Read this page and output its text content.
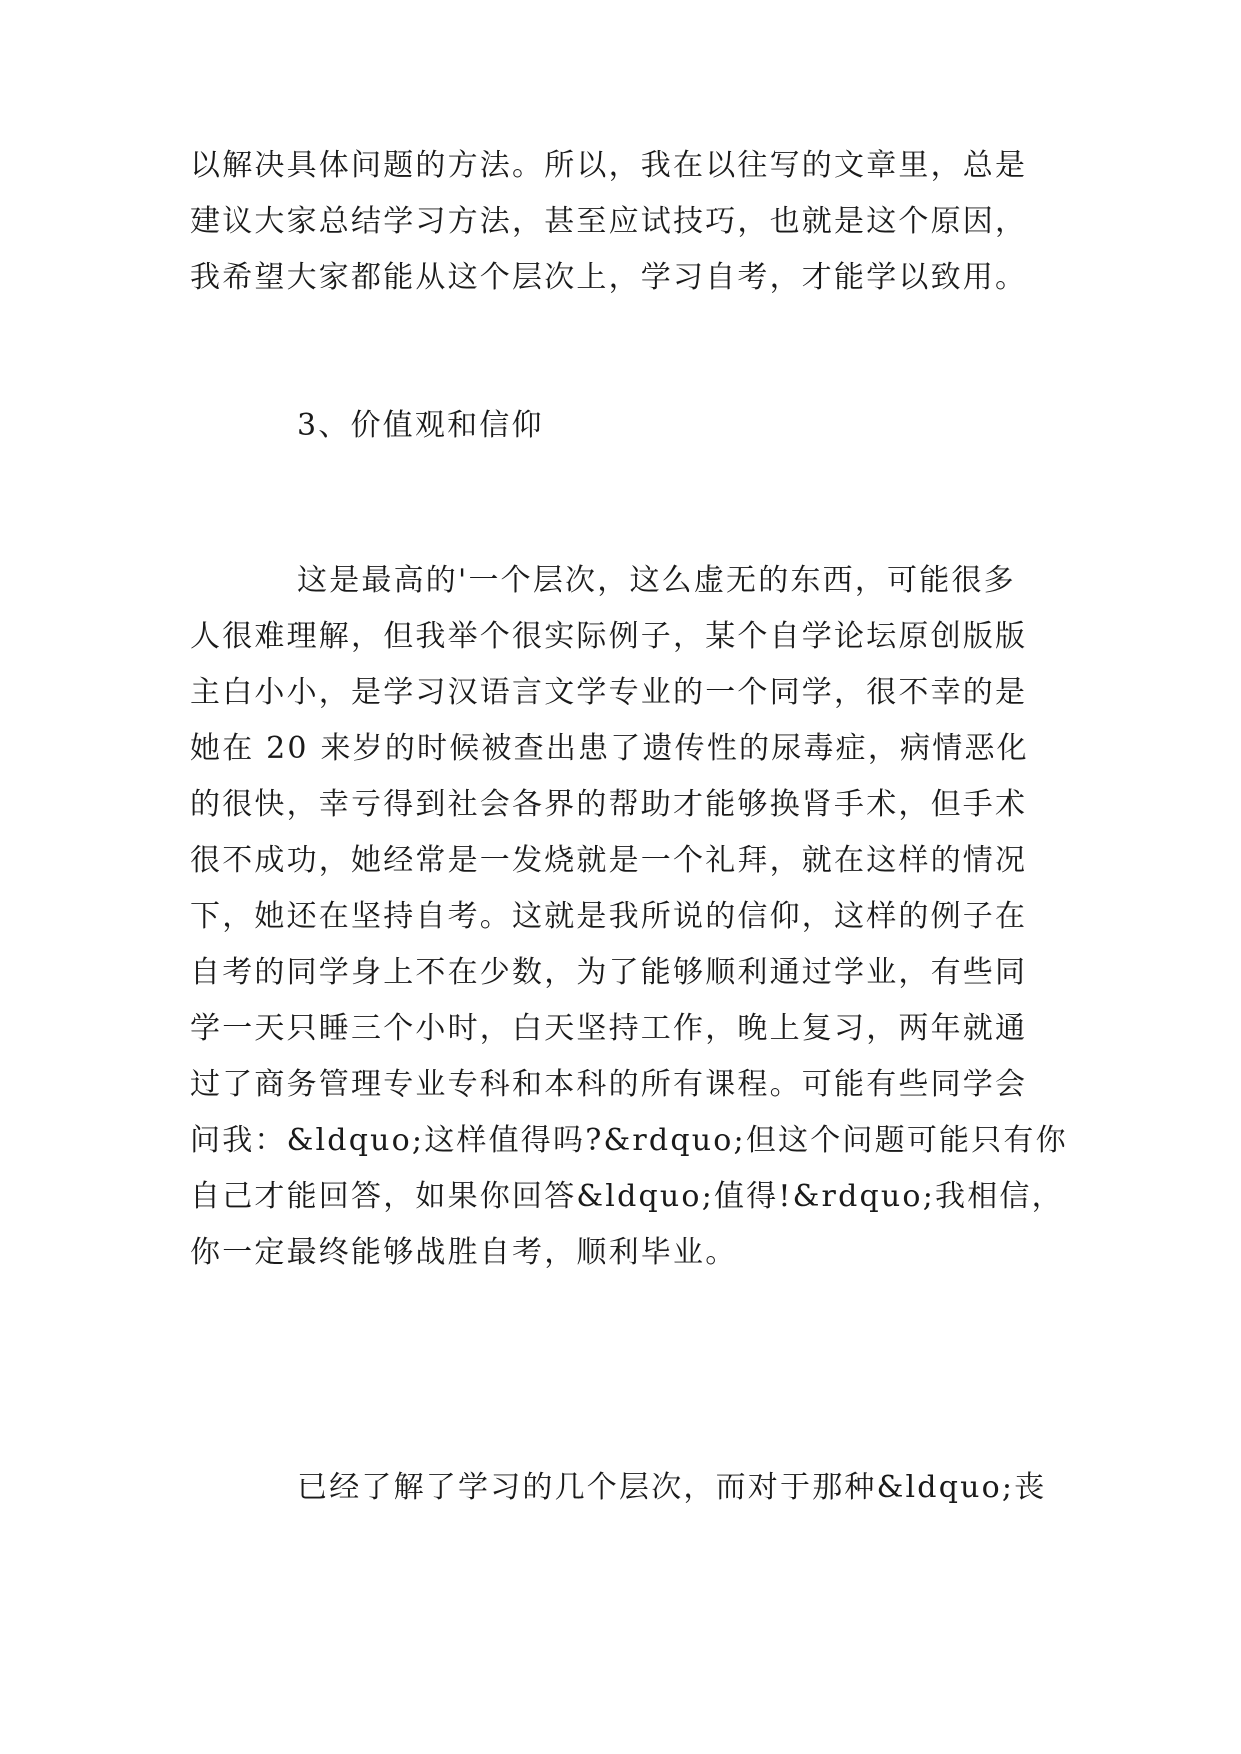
以解决具体问题的方法。所以，我在以往写的文章里，总是
建议大家总结学习方法，甚至应试技巧，也就是这个原因，
我希望大家都能从这个层次上，学习自考，才能学以致用。
3、价值观和信仰
这是最高的'一个层次，这么虚无的东西，可能很多
人很难理解，但我举个很实际例子，某个自学论坛原创版版
主白小小，是学习汉语言文学专业的一个同学，很不幸的是
她在 20 来岁的时候被查出患了遗传性的尿毒症，病情恶化
的很快，幸亏得到社会各界的帮助才能够换肾手术，但手术
很不成功，她经常是一发烧就是一个礼拜，就在这样的情况
下，她还在坚持自考。这就是我所说的信仰，这样的例子在
自考的同学身上不在少数，为了能够顺利通过学业，有些同
学一天只睡三个小时，白天坚持工作，晚上复习，两年就通
过了商务管理专业专科和本科的所有课程。可能有些同学会
问我：&ldquo;这样值得吗?&rdquo;但这个问题可能只有你
自己才能回答，如果你回答&ldquo;值得!&rdquo;我相信，
你一定最终能够战胜自考，顺利毕业。
已经了解了学习的几个层次，而对于那种&ldquo;丧
